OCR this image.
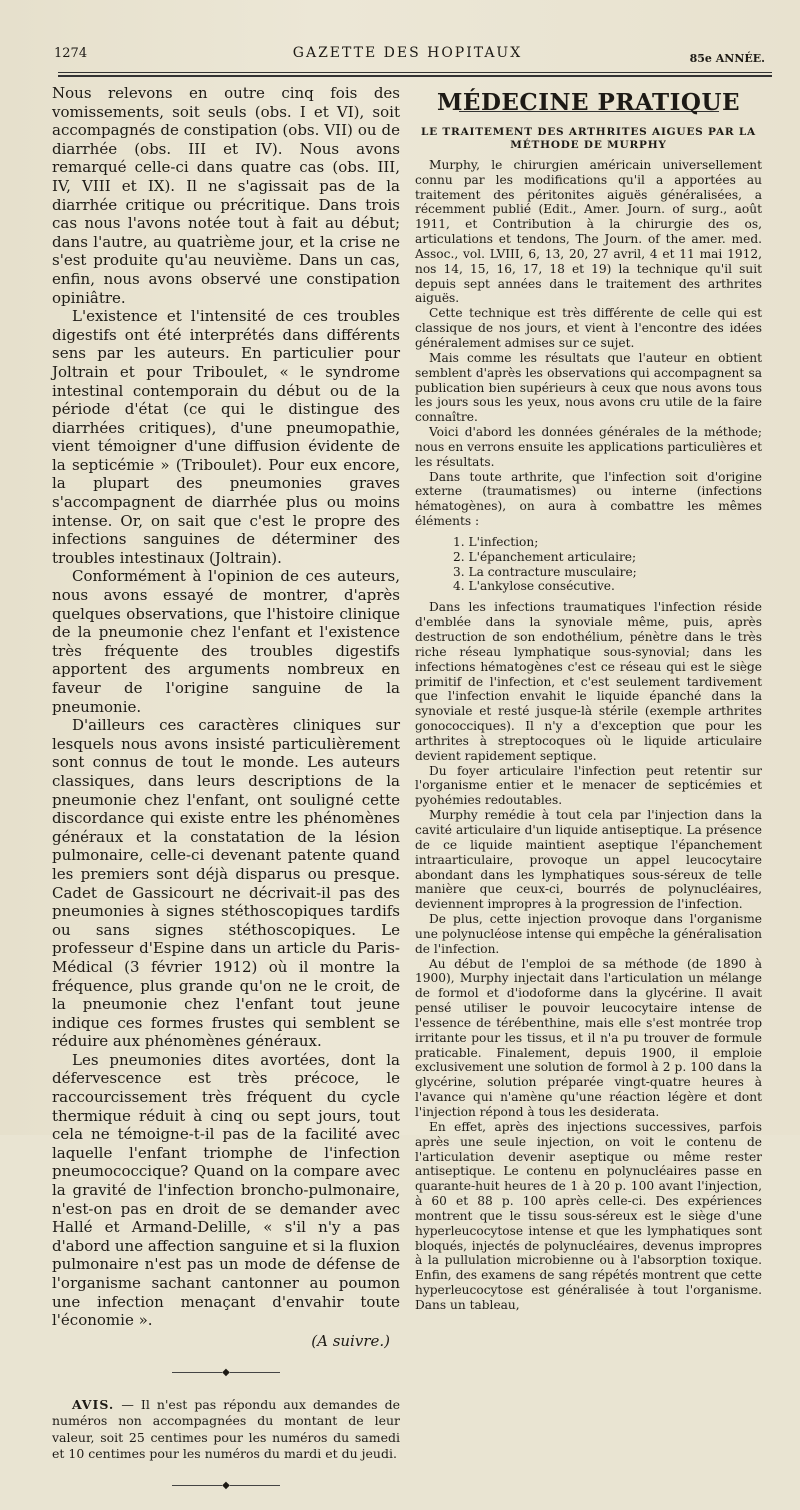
1274	GAZETTE DES HOPITAUX	85e ANNÉE.

Nous relevons en outre cinq fois des vomissements, soit seuls (obs. I et VI), soit accompagnés de constipation (obs. VII) ou de diarrhée (obs. III et IV). Nous avons remarqué celle-ci dans quatre cas (obs. III, IV, VIII et IX). Il ne s'agissait pas de la diarrhée critique ou précritique. Dans trois cas nous l'avons notée tout à fait au début; dans l'autre, au quatrième jour, et la crise ne s'est produite qu'au neuvième. Dans un cas, enfin, nous avons observé une constipation opiniâtre.

L'existence et l'intensité de ces troubles digestifs ont été interprétés dans différents sens par les auteurs. En particulier pour Joltrain et pour Triboulet, « le syndrome intestinal contemporain du début ou de la période d'état (ce qui le distingue des diarrhées critiques), d'une pneumopathie, vient témoigner d'une diffusion évidente de la septicémie » (Triboulet). Pour eux encore, la plupart des pneumonies graves s'accompagnent de diarrhée plus ou moins intense. Or, on sait que c'est le propre des infections sanguines de déterminer des troubles intestinaux (Joltrain).

Conformément à l'opinion de ces auteurs, nous avons essayé de montrer, d'après quelques observations, que l'histoire clinique de la pneumonie chez l'enfant et l'existence très fréquente des troubles digestifs apportent des arguments nombreux en faveur de l'origine sanguine de la pneumonie.

D'ailleurs ces caractères cliniques sur lesquels nous avons insisté particulièrement sont connus de tout le monde. Les auteurs classiques, dans leurs descriptions de la pneumonie chez l'enfant, ont souligné cette discordance qui existe entre les phénomènes généraux et la constatation de la lésion pulmonaire, celle-ci devenant patente quand les premiers sont déjà disparus ou presque. Cadet de Gassicourt ne décrivait-il pas des pneumonies à signes stéthoscopiques tardifs ou sans signes stéthoscopiques. Le professeur d'Espine dans un article du Paris-Médical (3 février 1912) où il montre la fréquence, plus grande qu'on ne le croit, de la pneumonie chez l'enfant tout jeune indique ces formes frustes qui semblent se réduire aux phénomènes généraux.

Les pneumonies dites avortées, dont la défervescence est très précoce, le raccourcissement très fréquent du cycle thermique réduit à cinq ou sept jours, tout cela ne témoigne-t-il pas de la facilité avec laquelle l'enfant triomphe de l'infection pneumococcique? Quand on la compare avec la gravité de l'infection broncho-pulmonaire, n'est-on pas en droit de se demander avec Hallé et Armand-Delille, « s'il n'y a pas d'abord une affection sanguine et si la fluxion pulmonaire n'est pas un mode de défense de l'organisme sachant cantonner au poumon une infection menaçant d'envahir toute l'économie ».

(A suivre.)

◆

AVIS. — Il n'est pas répondu aux demandes de numéros non accompagnées du montant de leur valeur, soit 25 centimes pour les numéros du samedi et 10 centimes pour les numéros du mardi et du jeudi.

◆

MÉDECINE PRATIQUE

LE TRAITEMENT DES ARTHRITES AIGUES PAR LA MÉTHODE DE MURPHY

Murphy, le chirurgien américain universellement connu par les modifications qu'il a apportées au traitement des péritonites aiguës généralisées, a récemment publié (Edit., Amer. Journ. of surg., août 1911, et Contribution à la chirurgie des os, articulations et tendons, The Journ. of the amer. med. Assoc., vol. LVIII, 6, 13, 20, 27 avril, 4 et 11 mai 1912, nos 14, 15, 16, 17, 18 et 19) la technique qu'il suit depuis sept années dans le traitement des arthrites aiguës.

Cette technique est très différente de celle qui est classique de nos jours, et vient à l'encontre des idées généralement admises sur ce sujet.

Mais comme les résultats que l'auteur en obtient semblent d'après les observations qui accompagnent sa publication bien supérieurs à ceux que nous avons tous les jours sous les yeux, nous avons cru utile de la faire connaître.

Voici d'abord les données générales de la méthode; nous en verrons ensuite les applications particulières et les résultats.

Dans toute arthrite, que l'infection soit d'origine externe (traumatismes) ou interne (infections hématogènes), on aura à combattre les mêmes éléments :

1. L'infection;
2. L'épanchement articulaire;
3. La contracture musculaire;
4. L'ankylose consécutive.

Dans les infections traumatiques l'infection réside d'emblée dans la synoviale même, puis, après destruction de son endothélium, pénètre dans le très riche réseau lymphatique sous-synovial; dans les infections hématogènes c'est ce réseau qui est le siège primitif de l'infection, et c'est seulement tardivement que l'infection envahit le liquide épanché dans la synoviale et resté jusque-là stérile (exemple arthrites gonococciques). Il n'y a d'exception que pour les arthrites à streptocoques où le liquide articulaire devient rapidement septique.

Du foyer articulaire l'infection peut retentir sur l'organisme entier et le menacer de septicémies et pyohémies redoutables.

Murphy remédie à tout cela par l'injection dans la cavité articulaire d'un liquide antiseptique. La présence de ce liquide maintient aseptique l'épanchement intraarticulaire, provoque un appel leucocytaire abondant dans les lymphatiques sous-séreux de telle manière que ceux-ci, bourrés de polynucléaires, deviennent impropres à la progression de l'infection.

De plus, cette injection provoque dans l'organisme une polynucléose intense qui empêche la généralisation de l'infection.

Au début de l'emploi de sa méthode (de 1890 à 1900), Murphy injectait dans l'articulation un mélange de formol et d'iodoforme dans la glycérine. Il avait pensé utiliser le pouvoir leucocytaire intense de l'essence de térébenthine, mais elle s'est montrée trop irritante pour les tissus, et il n'a pu trouver de formule praticable. Finalement, depuis 1900, il emploie exclusivement une solution de formol à 2 p. 100 dans la glycérine, solution préparée vingt-quatre heures à l'avance qui n'amène qu'une réaction légère et dont l'injection répond à tous les desiderata.

En effet, après des injections successives, parfois après une seule injection, on voit le contenu de l'articulation devenir aseptique ou même rester antiseptique. Le contenu en polynucléaires passe en quarante-huit heures de 1 à 20 p. 100 avant l'injection, à 60 et 88 p. 100 après celle-ci. Des expériences montrent que le tissu sous-séreux est le siège d'une hyperleucocytose intense et que les lymphatiques sont bloqués, injectés de polynucléaires, devenus impropres à la pullulation microbienne ou à l'absorption toxique. Enfin, des examens de sang répétés montrent que cette hyperleucocytose est généralisée à tout l'organisme. Dans un tableau,
